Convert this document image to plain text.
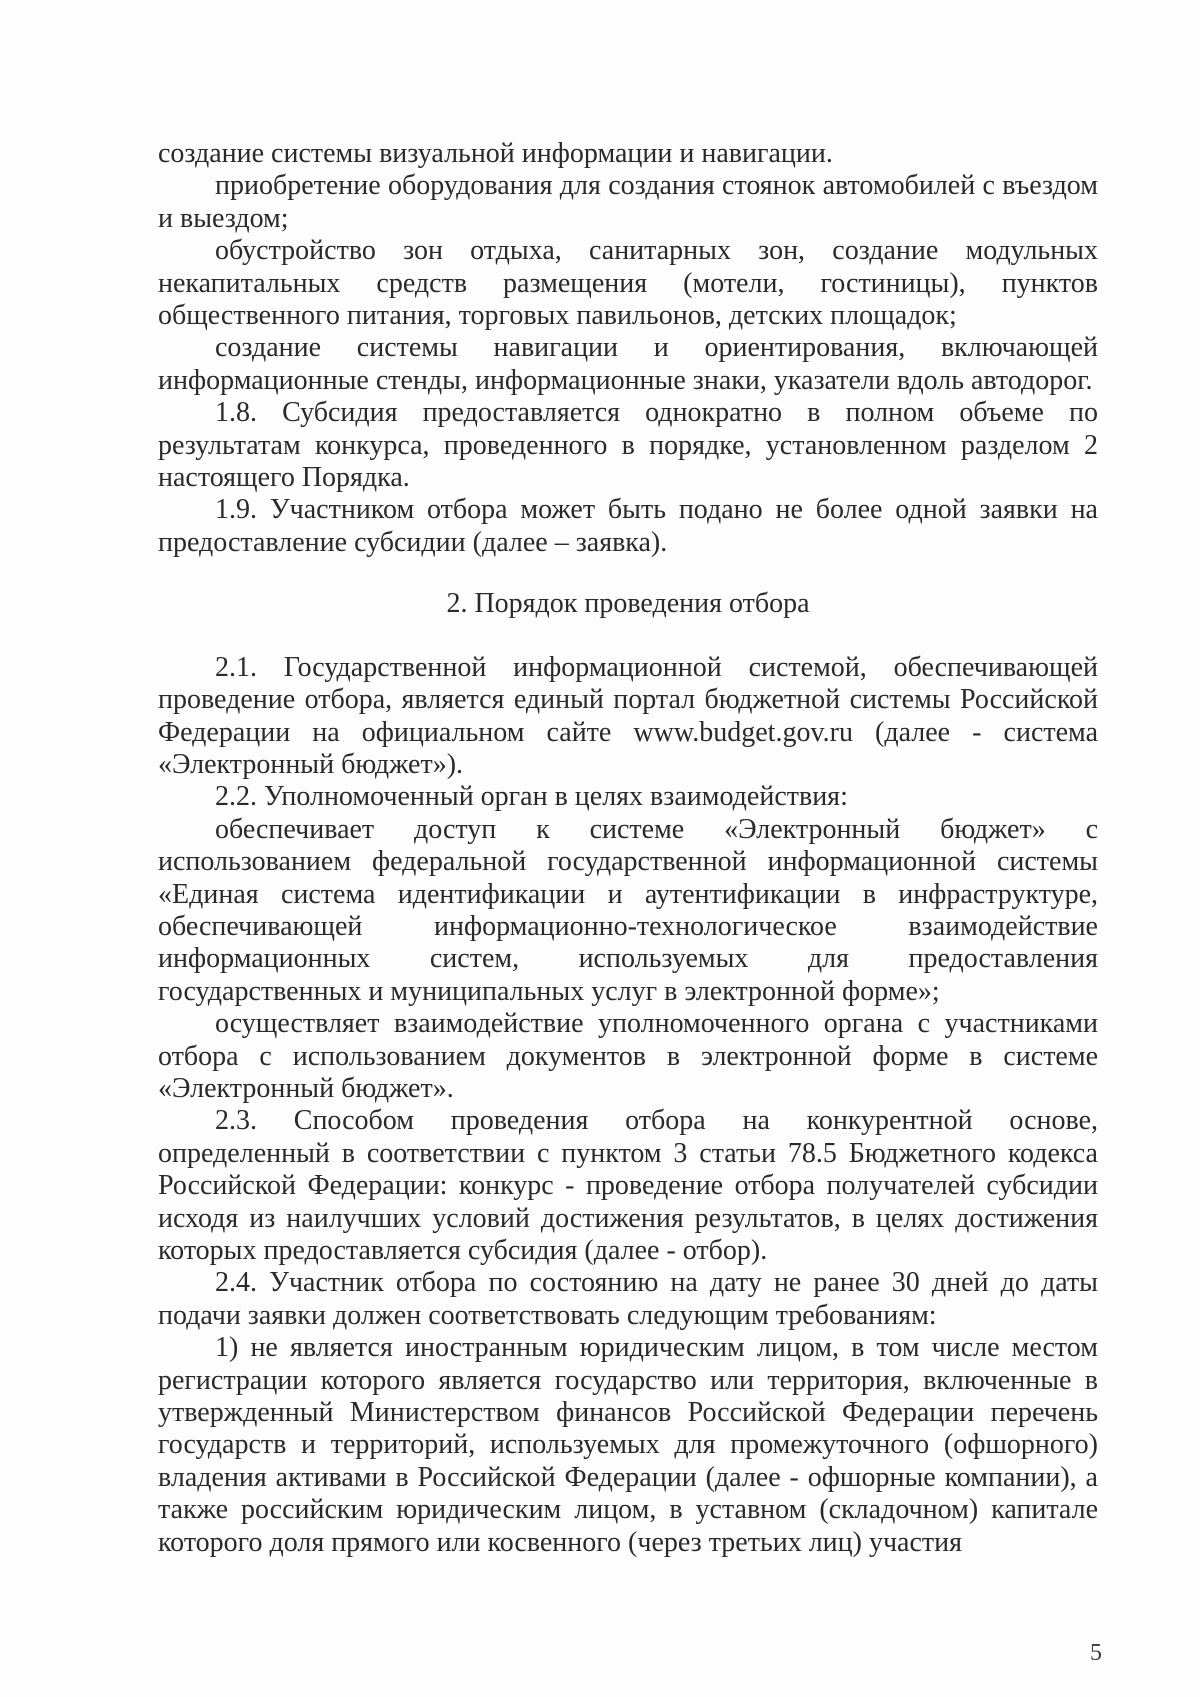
создание системы визуальной информации и навигации.

приобретение оборудования для создания стоянок автомобилей с въездом и выездом;

обустройство зон отдыха, санитарных зон, создание модульных некапитальных средств размещения (мотели, гостиницы), пунктов общественного питания, торговых павильонов, детских площадок;

создание системы навигации и ориентирования, включающей информационные стенды, информационные знаки, указатели вдоль автодорог.

1.8. Субсидия предоставляется однократно в полном объеме по результатам конкурса, проведенного в порядке, установленном разделом 2 настоящего Порядка.

1.9. Участником отбора может быть подано не более одной заявки на предоставление субсидии (далее – заявка).

2. Порядок проведения отбора

2.1. Государственной информационной системой, обеспечивающей проведение отбора, является единый портал бюджетной системы Российской Федерации на официальном сайте www.budget.gov.ru (далее - система «Электронный бюджет»).

2.2. Уполномоченный орган в целях взаимодействия:

обеспечивает доступ к системе «Электронный бюджет» с использованием федеральной государственной информационной системы «Единая система идентификации и аутентификации в инфраструктуре, обеспечивающей информационно-технологическое взаимодействие информационных систем, используемых для предоставления государственных и муниципальных услуг в электронной форме»;

осуществляет взаимодействие уполномоченного органа с участниками отбора с использованием документов в электронной форме в системе «Электронный бюджет».

2.3. Способом проведения отбора на конкурентной основе, определенный в соответствии с пунктом 3 статьи 78.5 Бюджетного кодекса Российской Федерации: конкурс - проведение отбора получателей субсидии исходя из наилучших условий достижения результатов, в целях достижения которых предоставляется субсидия (далее - отбор).

2.4. Участник отбора по состоянию на дату не ранее 30 дней до даты подачи заявки должен соответствовать следующим требованиям:

1) не является иностранным юридическим лицом, в том числе местом регистрации которого является государство или территория, включенные в утвержденный Министерством финансов Российской Федерации перечень государств и территорий, используемых для промежуточного (офшорного) владения активами в Российской Федерации (далее - офшорные компании), а также российским юридическим лицом, в уставном (складочном) капитале которого доля прямого или косвенного (через третьих лиц) участия

5
